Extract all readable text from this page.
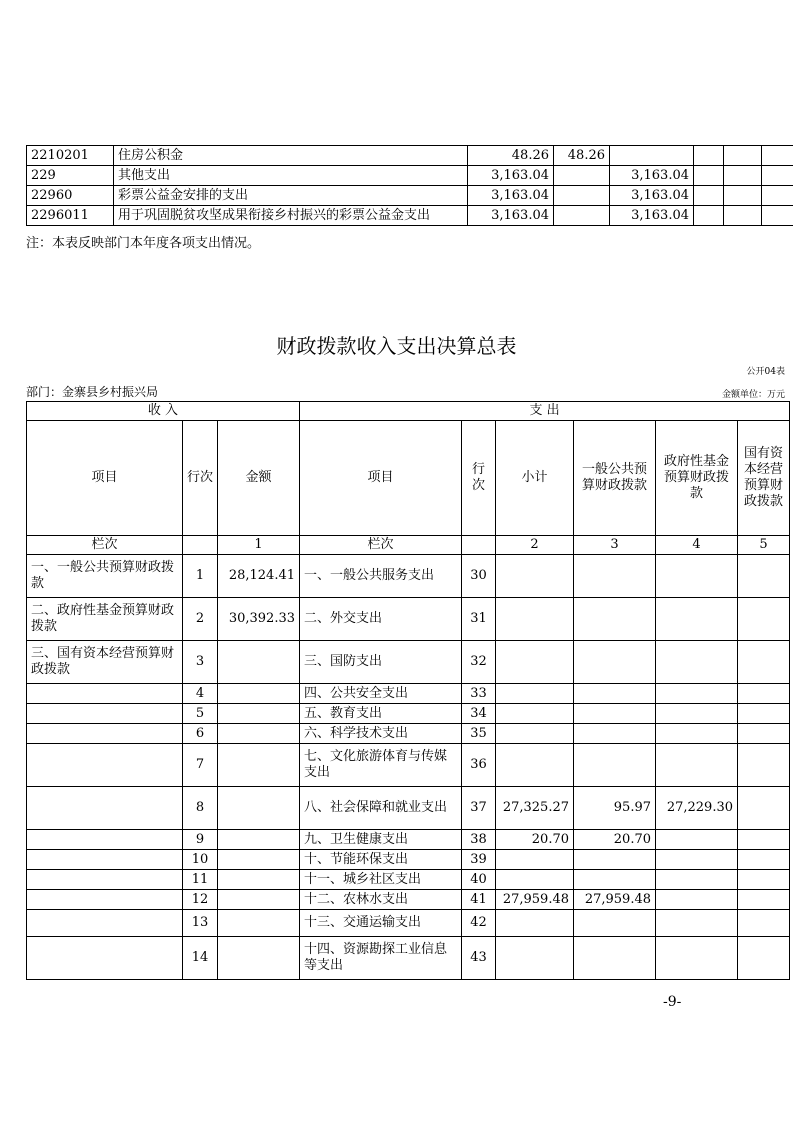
2210201	住房公积金	48.26	48.26				
229	其他支出	3,163.04		3,163.04			
22960	彩票公益金安排的支出	3,163.04		3,163.04			
2296011	用于巩固脱贫攻坚成果衔接乡村振兴的彩票公益金支出	3,163.04		3,163.04			
注：本表反映部门本年度各项支出情况。
财政拨款收入支出决算总表
公开04表
部门：金寨县乡村振兴局	金额单位：万元
收 入			支 出					
项目	行次	金额	项目	行次	小计	一般公共预算财政拨款	政府性基金预算财政拨款	国有资本经营预算财政拨款
栏次		1	栏次		2	3	4	5
一、一般公共预算财政拨款	1	28,124.41	一、一般公共服务支出	30				
二、政府性基金预算财政拨款	2	30,392.33	二、外交支出	31				
三、国有资本经营预算财政拨款	3		三、国防支出	32				
	4		四、公共安全支出	33				
	5		五、教育支出	34				
	6		六、科学技术支出	35				
	7		七、文化旅游体育与传媒支出	36				
	8		八、社会保障和就业支出	37	27,325.27	95.97	27,229.30	
	9		九、卫生健康支出	38	20.70	20.70		
	10		十、节能环保支出	39				
	11		十一、城乡社区支出	40				
	12		十二、农林水支出	41	27,959.48	27,959.48		
	13		十三、交通运输支出	42				
	14		十四、资源勘探工业信息等支出	43				
-9-
